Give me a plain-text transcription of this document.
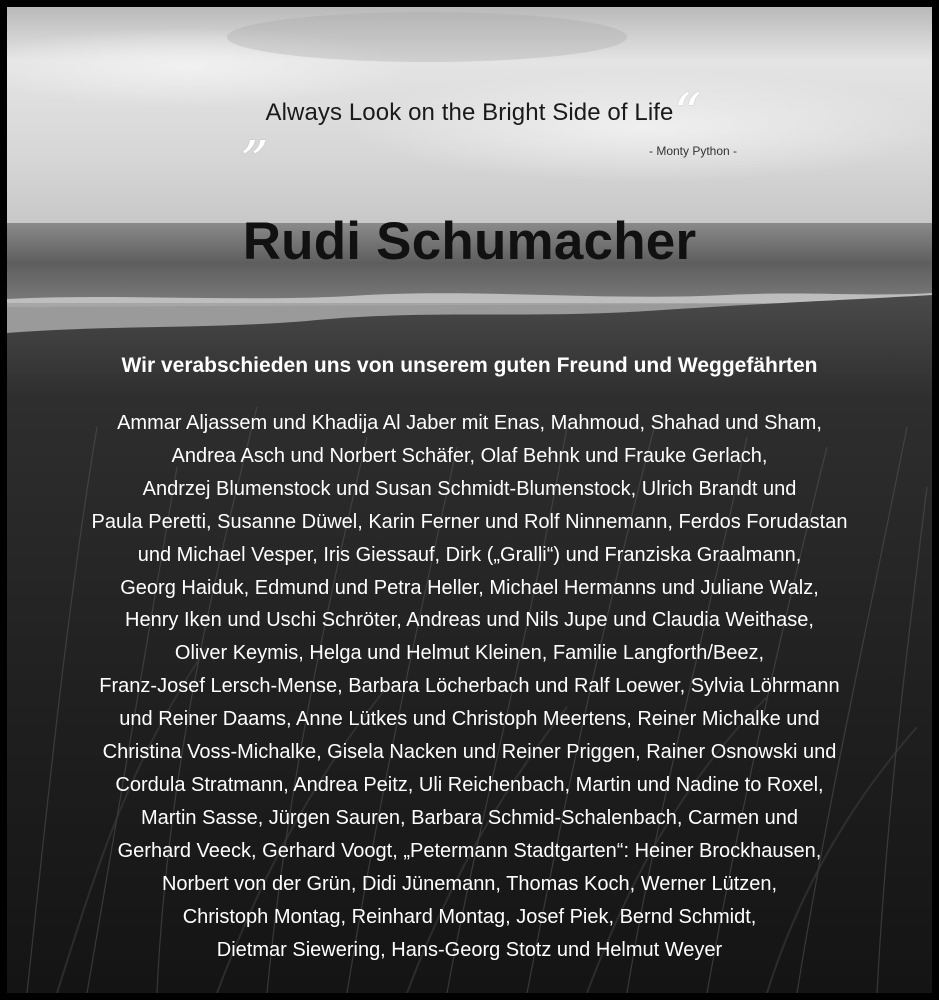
„
Always Look on the Bright Side of Life “
- Monty Python -
Rudi Schumacher
Wir verabschieden uns von unserem guten Freund und Weggefährten
Ammar Aljassem und Khadija Al Jaber mit Enas, Mahmoud, Shahad und Sham,
Andrea Asch und Norbert Schäfer, Olaf Behnk und Frauke Gerlach,
Andrzej Blumenstock und Susan Schmidt-Blumenstock, Ulrich Brandt und
Paula Peretti, Susanne Düwel, Karin Ferner und Rolf Ninnemann, Ferdos Forudastan
und Michael Vesper, Iris Giessauf, Dirk („Gralli“) und Franziska Graalmann,
Georg Haiduk, Edmund und Petra Heller, Michael Hermanns und Juliane Walz,
Henry Iken und Uschi Schröter, Andreas und Nils Jupe und Claudia Weithase,
Oliver Keymis, Helga und Helmut Kleinen, Familie Langforth/Beez,
Franz-Josef Lersch-Mense, Barbara Löcherbach und Ralf Loewer, Sylvia Löhrmann
und Reiner Daams, Anne Lütkes und Christoph Meertens, Reiner Michalke und
Christina Voss-Michalke, Gisela Nacken und Reiner Priggen, Rainer Osnowski und
Cordula Stratmann, Andrea Peitz, Uli Reichenbach, Martin und Nadine to Roxel,
Martin Sasse, Jürgen Sauren, Barbara Schmid-Schalenbach, Carmen und
Gerhard Veeck, Gerhard Voogt, „Petermann Stadtgarten“: Heiner Brockhausen,
Norbert von der Grün, Didi Jünemann, Thomas Koch, Werner Lützen,
Christoph Montag, Reinhard Montag, Josef Piek, Bernd Schmidt,
Dietmar Siewering, Hans-Georg Stotz und Helmut Weyer
